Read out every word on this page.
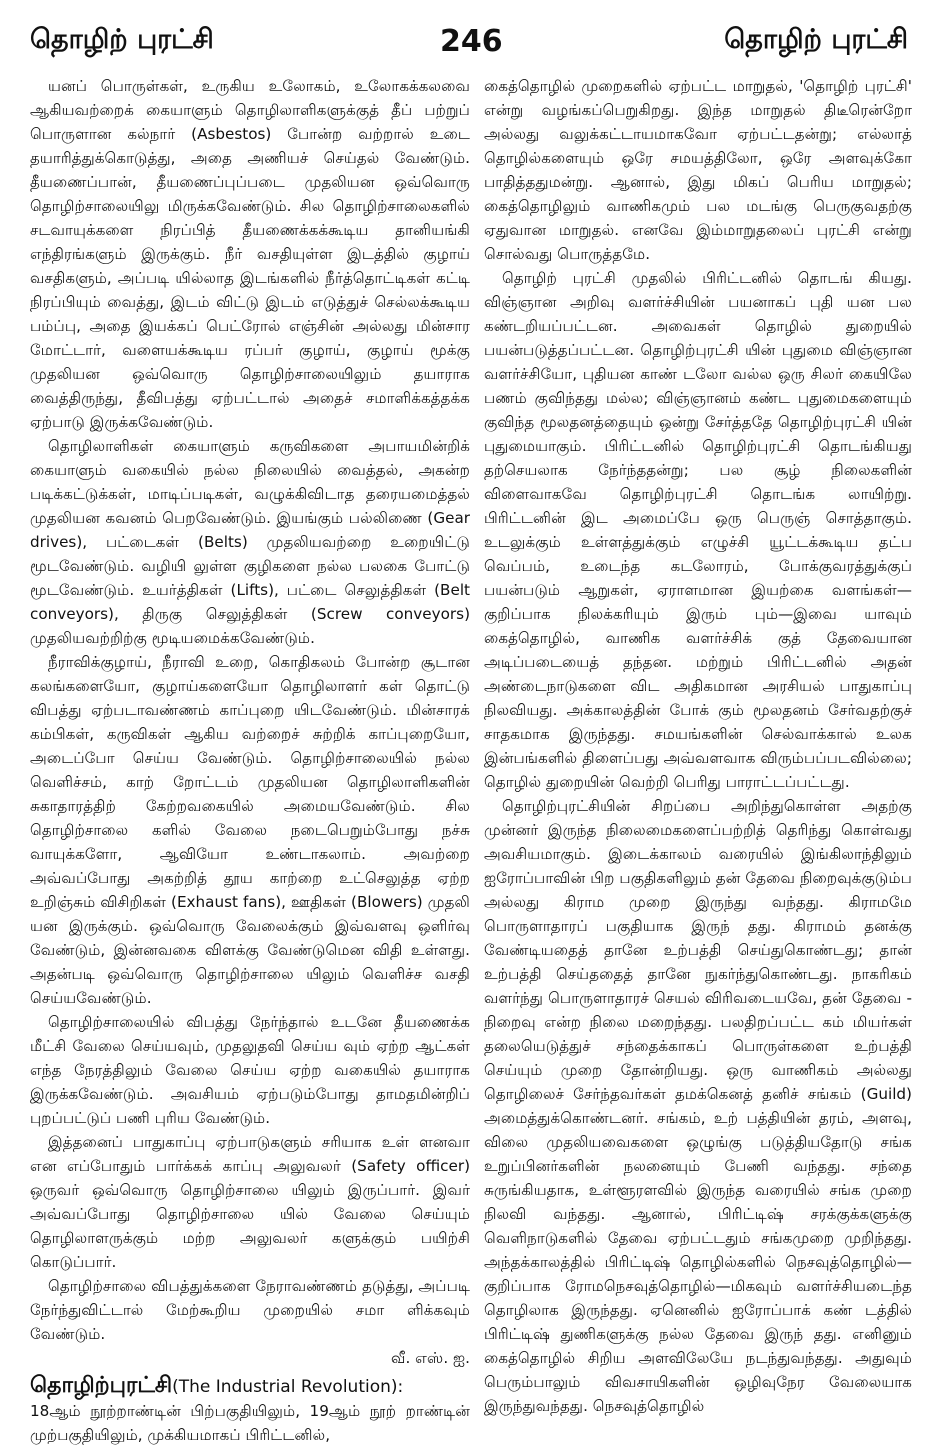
தொழிற் புரட்சி	246	தொழிற் புரட்சி

யனப் பொருள்கள், உருகிய உலோகம், உலோகக்கலவை ஆகியவற்றைக் கையாளும் தொழிலாளிகளுக்குத் தீப் பற்றுப் பொருளான கல்நார் (Asbestos) போன்ற வற்றால் உடை தயாரித்துக்கொடுத்து, அதை அணியச் செய்தல் வேண்டும். தீயணைப்பான், தீயணைப்புப்படை முதலியன ஒவ்வொரு தொழிற்சாலையிலு மிருக்கவேண்டும். சில தொழிற்சாலைகளில் சடவாயுக்களை நிரப்பித் தீயணைக்கக்கூடிய தானியங்கி எந்திரங்களும் இருக்கும். நீர் வசதியுள்ள இடத்தில் குழாய் வசதிகளும், அப்படி யில்லாத இடங்களில் நீர்த்தொட்டிகள் கட்டி நிரப்பியும் வைத்து, இடம் விட்டு இடம் எடுத்துச் செல்லக்கூடிய பம்ப்பு, அதை இயக்கப் பெட்ரோல் எஞ்சின் அல்லது மின்சார மோட்டார், வளையக்கூடிய ரப்பர் குழாய், குழாய் மூக்கு முதலியன ஒவ்வொரு தொழிற்சாலையிலும் தயாராக வைத்திருந்து, தீவிபத்து ஏற்பட்டால் அதைச் சமாளிக்கத்தக்க ஏற்பாடு இருக்கவேண்டும்.

தொழிலாளிகள் கையாளும் கருவிகளை அபாயமின்றிக் கையாளும் வகையில் நல்ல நிலையில் வைத்தல், அகன்ற படிக்கட்டுக்கள், மாடிப்படிகள், வழுக்கிவிடாத தரையமைத்தல் முதலியன கவனம் பெறவேண்டும். இயங்கும் பல்லிணை (Gear drives), பட்டைகள் (Belts) முதலியவற்றை உறையிட்டு மூடவேண்டும். வழியி லுள்ள குழிகளை நல்ல பலகை போட்டு மூடவேண்டும். உயர்த்திகள் (Lifts), பட்டை செலுத்திகள் (Belt conveyors), திருகு செலுத்திகள் (Screw conveyors) முதலியவற்றிற்கு மூடியமைக்கவேண்டும்.

நீராவிக்குழாய், நீராவி உறை, கொதிகலம் போன்ற சூடான கலங்களையோ, குழாய்களையோ தொழிலாளர் கள் தொட்டு விபத்து ஏற்படாவண்ணம் காப்புறை யிடவேண்டும். மின்சாரக் கம்பிகள், கருவிகள் ஆகிய வற்றைச் சுற்றிக் காப்புறையோ, அடைப்போ செய்ய வேண்டும். தொழிற்சாலையில் நல்ல வெளிச்சம், காற் றோட்டம் முதலியன தொழிலாளிகளின் சுகாதாரத்திற் கேற்றவகையில் அமையவேண்டும். சில தொழிற்சாலை களில் வேலை நடைபெறும்போது நச்சு வாயுக்களோ, ஆவியோ உண்டாகலாம். அவற்றை அவ்வப்போது அகற்றித் தூய காற்றை உட்செலுத்த ஏற்ற உறிஞ்சும் விசிறிகள் (Exhaust fans), ஊதிகள் (Blowers) முதலி யன இருக்கும். ஒவ்வொரு வேலைக்கும் இவ்வளவு ஒளிர்வு வேண்டும், இன்னவகை விளக்கு வேண்டுமென விதி உள்ளது. அதன்படி ஒவ்வொரு தொழிற்சாலை யிலும் வெளிச்ச வசதி செய்யவேண்டும்.

தொழிற்சாலையில் விபத்து நேர்ந்தால் உடனே தீயணைக்க மீட்சி வேலை செய்யவும், முதலுதவி செய்ய வும் ஏற்ற ஆட்கள் எந்த நேரத்திலும் வேலை செய்ய ஏற்ற வகையில் தயாராக இருக்கவேண்டும். அவசியம் ஏற்படும்போது தாமதமின்றிப் புறப்பட்டுப் பணி புரிய வேண்டும்.

இத்தனைப் பாதுகாப்பு ஏற்பாடுகளும் சரியாக உள் ளனவா என எப்போதும் பார்க்கக் காப்பு அலுவலர் (Safety officer) ஒருவர் ஒவ்வொரு தொழிற்சாலை யிலும் இருப்பார். இவர் அவ்வப்போது தொழிற்சாலை யில் வேலை செய்யும் தொழிலாளருக்கும் மற்ற அலுவலர் களுக்கும் பயிற்சி கொடுப்பார்.

தொழிற்சாலை விபத்துக்களை நேராவண்ணம் தடுத்து, அப்படி நேர்ந்துவிட்டால் மேற்கூறிய முறையில் சமா ளிக்கவும் வேண்டும்.

வீ. எஸ். ஐ.

தொழிற்புரட்சி(The Industrial Revolution):

18ஆம் நூற்றாண்டின் பிற்பகுதியிலும், 19ஆம் நூற் றாண்டின் முற்பகுதியிலும், முக்கியமாகப் பிரிட்டனில்,

கைத்தொழில் முறைகளில் ஏற்பட்ட மாறுதல், 'தொழிற் புரட்சி' என்று வழங்கப்பெறுகிறது. இந்த மாறுதல் திடீரென்றோ அல்லது வலுக்கட்டாயமாகவோ ஏற்பட்டதன்று; எல்லாத் தொழில்களையும் ஒரே சமயத்திலோ, ஒரே அளவுக்கோ பாதித்ததுமன்று. ஆனால், இது மிகப் பெரிய மாறுதல்; கைத்தொழிலும் வாணிகமும் பல மடங்கு பெருகுவதற்கு ஏதுவான மாறுதல். எனவே இம்மாறுதலைப் புரட்சி என்று சொல்வது பொருத்தமே.

தொழிற் புரட்சி முதலில் பிரிட்டனில் தொடங் கியது. விஞ்ஞான அறிவு வளர்ச்சியின் பயனாகப் புதி யன பல கண்டறியப்பட்டன. அவைகள் தொழில் துறையில் பயன்படுத்தப்பட்டன. தொழிற்புரட்சி யின் புதுமை விஞ்ஞான வளர்ச்சியோ, புதியன காண் டலோ வல்ல ஒரு சிலர் கையிலே பணம் குவிந்தது மல்ல; விஞ்ஞானம் கண்ட புதுமைகளையும் குவிந்த மூலதனத்தையும் ஒன்று சேர்த்ததே தொழிற்புரட்சி யின் புதுமையாகும். பிரிட்டனில் தொழிற்புரட்சி தொடங்கியது தற்செயலாக நேர்ந்ததன்று; பல சூழ் நிலைகளின் விளைவாகவே தொழிற்புரட்சி தொடங்க லாயிற்று. பிரிட்டனின் இட அமைப்பே ஒரு பெருஞ் சொத்தாகும். உடலுக்கும் உள்ளத்துக்கும் எழுச்சி யூட்டக்கூடிய தட்ப வெப்பம், உடைந்த கடலோரம், போக்குவரத்துக்குப் பயன்படும் ஆறுகள், ஏராளமான இயற்கை வளங்கள்—குறிப்பாக நிலக்கரியும் இரும் பும்—இவை யாவும் கைத்தொழில், வாணிக வளர்ச்சிக் குத் தேவையான அடிப்படையைத் தந்தன. மற்றும் பிரிட்டனில் அதன் அண்டைநாடுகளை விட அதிகமான அரசியல் பாதுகாப்பு நிலவியது. அக்காலத்தின் போக் கும் மூலதனம் சேர்வதற்குச் சாதகமாக இருந்தது. சமயங்களின் செல்வாக்கால் உலக இன்பங்களில் திளைப்பது அவ்வளவாக விரும்பப்படவில்லை; தொழில் துறையின் வெற்றி பெரிது பாராட்டப்பட்டது.

தொழிற்புரட்சியின் சிறப்பை அறிந்துகொள்ள அதற்கு முன்னர் இருந்த நிலைமைகளைப்பற்றித் தெரிந்து கொள்வது அவசியமாகும். இடைக்காலம் வரையில் இங்கிலாந்திலும் ஐரோப்பாவின் பிற பகுதிகளிலும் தன் தேவை நிறைவுக்குடும்ப அல்லது கிராம முறை இருந்து வந்தது. கிராமமே பொருளாதாரப் பகுதியாக இருந் தது. கிராமம் தனக்கு வேண்டியதைத் தானே உற்பத்தி செய்துகொண்டது; தான் உற்பத்தி செய்ததைத் தானே நுகர்ந்துகொண்டது. நாகரிகம் வளர்ந்து பொருளாதாரச் செயல் விரிவடையவே, தன் தேவை - நிறைவு என்ற நிலை மறைந்தது. பலதிறப்பட்ட கம் மியர்கள் தலையெடுத்துச் சந்தைக்காகப் பொருள்களை உற்பத்தி செய்யும் முறை தோன்றியது. ஒரு வாணிகம் அல்லது தொழிலைச் சேர்ந்தவர்கள் தமக்கெனத் தனிச் சங்கம் (Guild) அமைத்துக்கொண்டனர். சங்கம், உற் பத்தியின் தரம், அளவு, விலை முதலியவைகளை ஒழுங்கு படுத்தியதோடு சங்க உறுப்பினர்களின் நலனையும் பேணி வந்தது. சந்தை சுருங்கியதாக, உள்ளூரளவில் இருந்த வரையில் சங்க முறை நிலவி வந்தது. ஆனால், பிரிட்டிஷ் சரக்குக்களுக்கு வெளிநாடுகளில் தேவை ஏற்பட்டதும் சங்கமுறை முறிந்தது. அந்தக்காலத்தில் பிரிட்டிஷ் தொழில்களில் நெசவுத்தொழில்—குறிப்பாக ரோமநெசவுத்தொழில்—மிகவும் வளர்ச்சியடைந்த தொழிலாக இருந்தது. ஏனெனில் ஐரோப்பாக் கண் டத்தில் பிரிட்டிஷ் துணிகளுக்கு நல்ல தேவை இருந் தது. எனினும் கைத்தொழில் சிறிய அளவிலேயே நடந்துவந்தது. அதுவும் பெரும்பாலும் விவசாயிகளின் ஒழிவுநேர வேலையாக இருந்துவந்தது. நெசவுத்தொழில்
